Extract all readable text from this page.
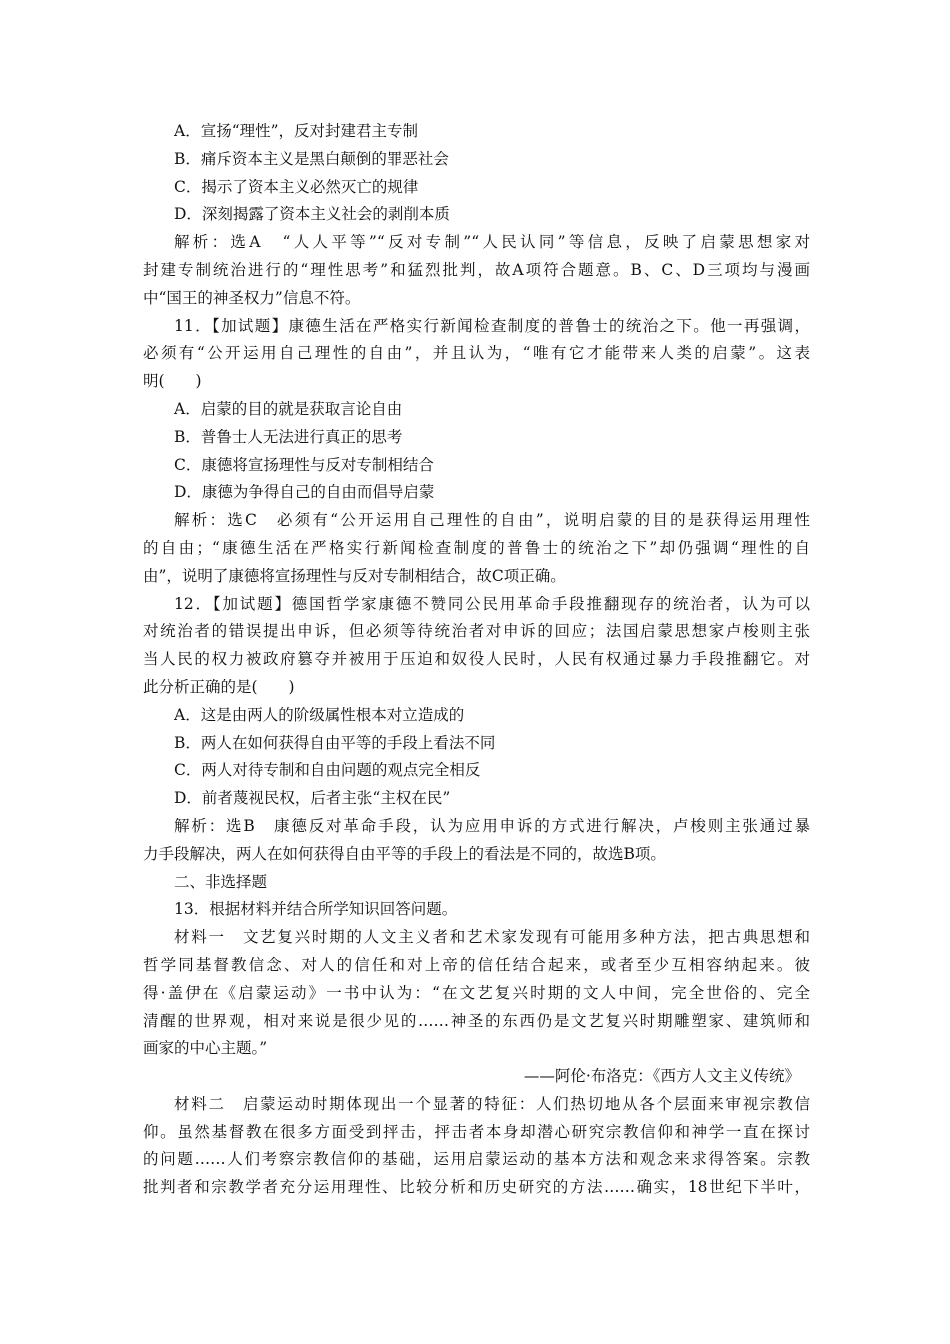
A．宣扬“理性”，反对封建君主专制
B．痛斥资本主义是黑白颠倒的罪恶社会
C．揭示了资本主义必然灭亡的规律
D．深刻揭露了资本主义社会的剥削本质
解析：选A　“人人平等”“反对专制”“人民认同”等信息，反映了启蒙思想家对
封建专制统治进行的“理性思考”和猛烈批判，故A项符合题意。B、C、D三项均与漫画
中“国王的神圣权力”信息不符。
11．【加试题】康德生活在严格实行新闻检查制度的普鲁士的统治之下。他一再强调，
必须有“公开运用自己理性的自由”，并且认为，“唯有它才能带来人类的启蒙”。这表
明(　　)
A．启蒙的目的就是获取言论自由
B．普鲁士人无法进行真正的思考
C．康德将宣扬理性与反对专制相结合
D．康德为争得自己的自由而倡导启蒙
解析：选C　必须有“公开运用自己理性的自由”，说明启蒙的目的是获得运用理性
的自由；“康德生活在严格实行新闻检查制度的普鲁士的统治之下”却仍强调“理性的自
由”，说明了康德将宣扬理性与反对专制相结合，故C项正确。
12．【加试题】德国哲学家康德不赞同公民用革命手段推翻现存的统治者，认为可以
对统治者的错误提出申诉，但必须等待统治者对申诉的回应；法国启蒙思想家卢梭则主张
当人民的权力被政府篡夺并被用于压迫和奴役人民时，人民有权通过暴力手段推翻它。对
此分析正确的是(　　)
A．这是由两人的阶级属性根本对立造成的
B．两人在如何获得自由平等的手段上看法不同
C．两人对待专制和自由问题的观点完全相反
D．前者蔑视民权，后者主张“主权在民”
解析：选B　康德反对革命手段，认为应用申诉的方式进行解决，卢梭则主张通过暴
力手段解决，两人在如何获得自由平等的手段上的看法是不同的，故选B项。
二、非选择题
13．根据材料并结合所学知识回答问题。
材料一　文艺复兴时期的人文主义者和艺术家发现有可能用多种方法，把古典思想和
哲学同基督教信念、对人的信任和对上帝的信任结合起来，或者至少互相容纳起来。彼
得·盖伊在《启蒙运动》一书中认为：“在文艺复兴时期的文人中间，完全世俗的、完全
清醒的世界观，相对来说是很少见的……神圣的东西仍是文艺复兴时期雕塑家、建筑师和
画家的中心主题。”
——阿伦·布洛克：《西方人文主义传统》
材料二　启蒙运动时期体现出一个显著的特征：人们热切地从各个层面来审视宗教信
仰。虽然基督教在很多方面受到抨击，抨击者本身却潜心研究宗教信仰和神学一直在探讨
的问题……人们考察宗教信仰的基础，运用启蒙运动的基本方法和观念来求得答案。宗教
批判者和宗教学者充分运用理性、比较分析和历史研究的方法……确实，18世纪下半叶，
